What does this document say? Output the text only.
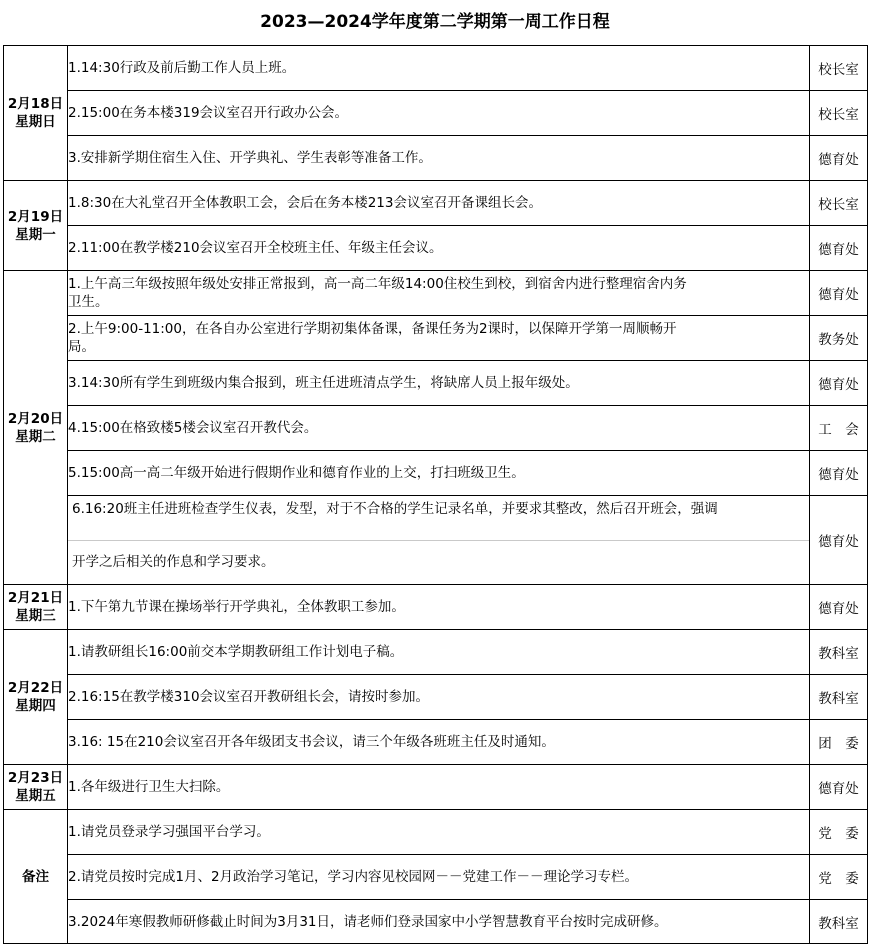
2023—2024学年度第二学期第一周工作日程
2月18日
星期日	1.14:30行政及前后勤工作人员上班。	校长室
	2.15:00在务本楼319会议室召开行政办公会。	校长室
	3.安排新学期住宿生入住、开学典礼、学生表彰等准备工作。	德育处

2月19日
星期一	1.8:30在大礼堂召开全体教职工会，会后在务本楼213会议室召开备课组长会。	校长室
	2.11:00在教学楼210会议室召开全校班主任、年级主任会议。	德育处

2月20日
星期二	1.上午高三年级按照年级处安排正常报到，高一高二年级14:00住校生到校，到宿舍内进行整理宿舍内务
卫生。	德育处
	2.上午9:00-11:00，在各自办公室进行学期初集体备课，备课任务为2课时，以保障开学第一周顺畅开
局。	教务处
	3.14:30所有学生到班级内集合报到，班主任进班清点学生，将缺席人员上报年级处。	德育处
	4.15:00在格致楼5楼会议室召开教代会。	工　会
	5.15:00高一高二年级开始进行假期作业和德育作业的上交，打扫班级卫生。	德育处

	6.16:20班主任进班检查学生仪表，发型，对于不合格的学生记录名单，并要求其整改，然后召开班会，强调
开学之后相关的作息和学习要求。	德育处

2月21日
星期三	1.下午第九节课在操场举行开学典礼，全体教职工参加。	德育处

2月22日
星期四	1.请教研组长16:00前交本学期教研组工作计划电子稿。	教科室
	2.16:15在教学楼310会议室召开教研组长会，请按时参加。	教科室
	3.16: 15在210会议室召开各年级团支书会议，请三个年级各班班主任及时通知。	团　委

2月23日
星期五	1.各年级进行卫生大扫除。	德育处

备注	1.请党员登录学习强国平台学习。	党　委
	2.请党员按时完成1月、2月政治学习笔记，学习内容见校园网－－党建工作－－理论学习专栏。	党　委
	3.2024年寒假教师研修截止时间为3月31日，请老师们登录国家中小学智慧教育平台按时完成研修。	教科室
